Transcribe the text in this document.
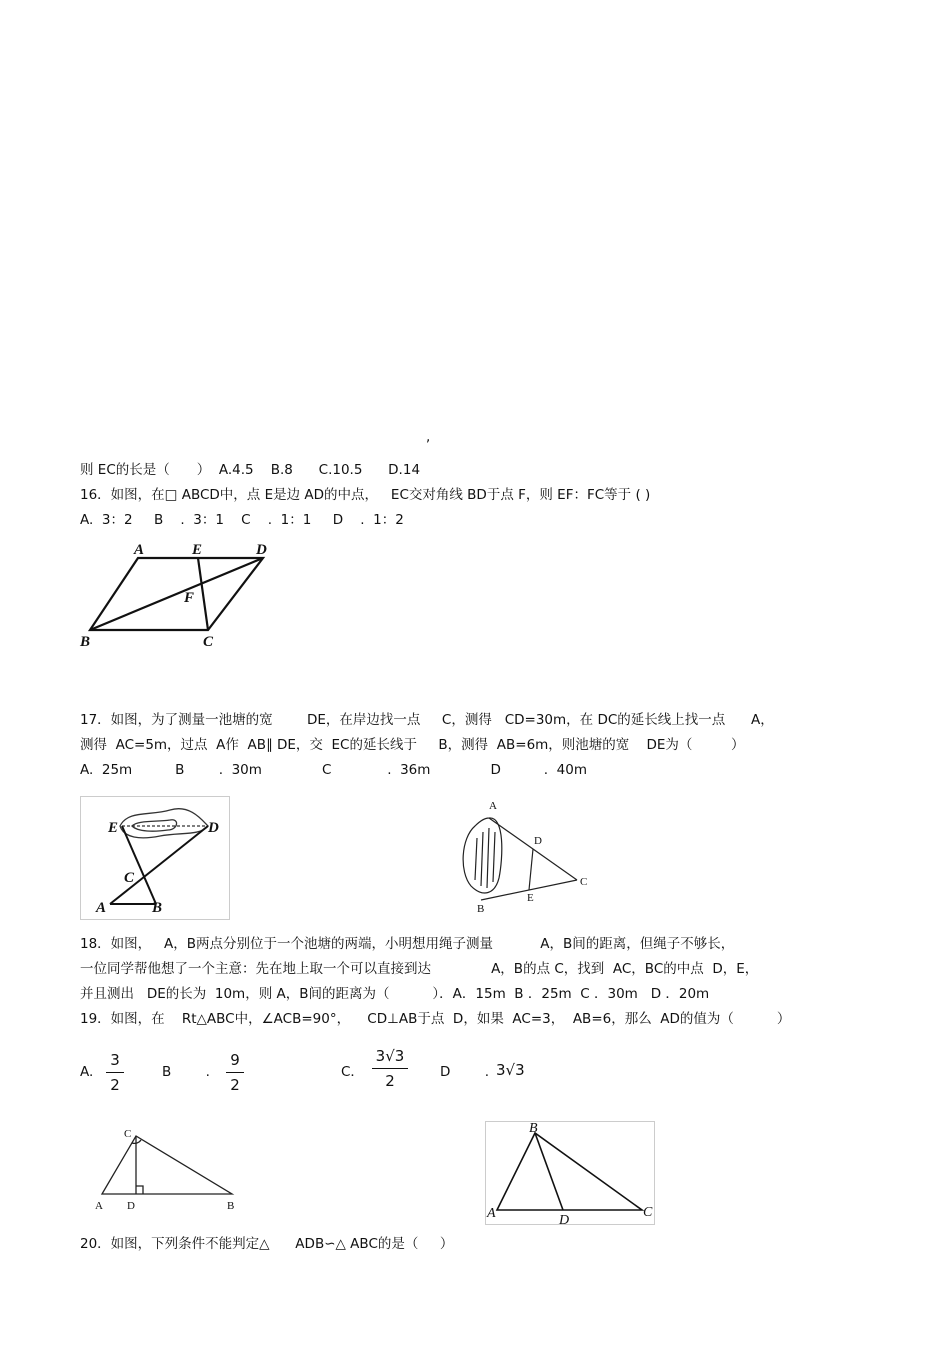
,
则 EC的长是（　　）  A.4.5    B.8      C.10.5      D.14
16．如图，在□ ABCD中，点 E是边 AD的中点，   EC交对角线 BD于点 F，则 EF：FC等于 ( )
A.  3：2     B    .  3：1    C    .  1：1     D    .  1：2
A	E	D
F
B	C
17．如图，为了测量一池塘的宽        DE，在岸边找一点     C，测得   CD=30m，在 DC的延长线上找一点      A，
测得  AC=5m，过点  A作  AB∥ DE，交  EC的延长线于     B，测得  AB=6m，则池塘的宽    DE为（         ）
A.  25m          B        .  30m              C             .  36m              D          .  40m
E	D
C
A	B
A
D
C
E
B
18．如图，   A，B两点分别位于一个池塘的两端，小明想用绳子测量           A，B间的距离，但绳子不够长，
一位同学帮他想了一个主意：先在地上取一个可以直接到达              A，B的点 C，找到  AC，BC的中点  D，E，
并且测出   DE的长为  10m，则 A，B间的距离为（          ）．A．15m  B ．25m  C ．30m   D ．20m
19．如图，在    Rt△ABC中，∠ACB=90°，    CD⊥AB于点  D，如果  AC=3，  AB=6，那么  AD的值为（          ）
A.
3
2
B        .
9
2
C．
3√3
2	D        . 3√3
C
A D	B
B
A	D
C
20．如图，下列条件不能判定△      ADB∽△ ABC的是（     ）
